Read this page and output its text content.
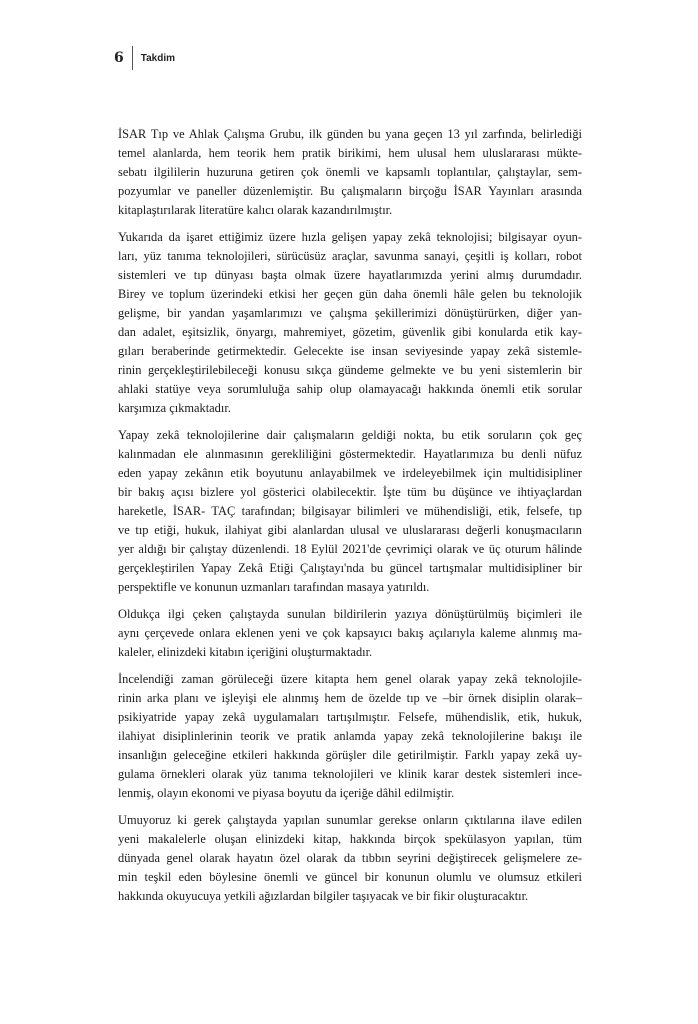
6	Takdim

İSAR Tıp ve Ahlak Çalışma Grubu, ilk günden bu yana geçen 13 yıl zarfında, belirlediği
temel alanlarda, hem teorik hem pratik birikimi, hem ulusal hem uluslararası mükte-
sebatı ilgililerin huzuruna getiren çok önemli ve kapsamlı toplantılar, çalıştaylar, sem-
pozyumlar ve paneller düzenlemiştir. Bu çalışmaların birçoğu İSAR Yayınları arasında
kitaplaştırılarak literatüre kalıcı olarak kazandırılmıştır.

Yukarıda da işaret ettiğimiz üzere hızla gelişen yapay zekâ teknolojisi; bilgisayar oyun-
ları, yüz tanıma teknolojileri, sürücüsüz araçlar, savunma sanayi, çeşitli iş kolları, robot
sistemleri ve tıp dünyası başta olmak üzere hayatlarımızda yerini almış durumdadır.
Birey ve toplum üzerindeki etkisi her geçen gün daha önemli hâle gelen bu teknolojik
gelişme, bir yandan yaşamlarımızı ve çalışma şekillerimizi dönüştürürken, diğer yan-
dan adalet, eşitsizlik, önyargı, mahremiyet, gözetim, güvenlik gibi konularda etik kay-
gıları beraberinde getirmektedir. Gelecekte ise insan seviyesinde yapay zekâ sistemle-
rinin gerçekleştirilebileceği konusu sıkça gündeme gelmekte ve bu yeni sistemlerin bir
ahlaki statüye veya sorumluluğa sahip olup olamayacağı hakkında önemli etik sorular
karşımıza çıkmaktadır.

Yapay zekâ teknolojilerine dair çalışmaların geldiği nokta, bu etik soruların çok geç
kalınmadan ele alınmasının gerekliliğini göstermektedir. Hayatlarımıza bu denli nüfuz
eden yapay zekânın etik boyutunu anlayabilmek ve irdeleyebilmek için multidisipliner
bir bakış açısı bizlere yol gösterici olabilecektir. İşte tüm bu düşünce ve ihtiyaçlardan
hareketle, İSAR- TAÇ tarafından; bilgisayar bilimleri ve mühendisliği, etik, felsefe, tıp
ve tıp etiği, hukuk, ilahiyat gibi alanlardan ulusal ve uluslararası değerli konuşmacıların
yer aldığı bir çalıştay düzenlendi. 18 Eylül 2021'de çevrimiçi olarak ve üç oturum hâlinde
gerçekleştirilen Yapay Zekâ Etiği Çalıştayı'nda bu güncel tartışmalar multidisipliner bir
perspektifle ve konunun uzmanları tarafından masaya yatırıldı.

Oldukça ilgi çeken çalıştayda sunulan bildirilerin yazıya dönüştürülmüş biçimleri ile
aynı çerçevede onlara eklenen yeni ve çok kapsayıcı bakış açılarıyla kaleme alınmış ma-
kaleler, elinizdeki kitabın içeriğini oluşturmaktadır.

İncelendiği zaman görüleceği üzere kitapta hem genel olarak yapay zekâ teknolojile-
rinin arka planı ve işleyişi ele alınmış hem de özelde tıp ve –bir örnek disiplin olarak–
psikiyatride yapay zekâ uygulamaları tartışılmıştır. Felsefe, mühendislik, etik, hukuk,
ilahiyat disiplinlerinin teorik ve pratik anlamda yapay zekâ teknolojilerine bakışı ile
insanlığın geleceğine etkileri hakkında görüşler dile getirilmiştir. Farklı yapay zekâ uy-
gulama örnekleri olarak yüz tanıma teknolojileri ve klinik karar destek sistemleri ince-
lenmiş, olayın ekonomi ve piyasa boyutu da içeriğe dâhil edilmiştir.

Umuyoruz ki gerek çalıştayda yapılan sunumlar gerekse onların çıktılarına ilave edilen
yeni makalelerle oluşan elinizdeki kitap, hakkında birçok spekülasyon yapılan, tüm
dünyada genel olarak hayatın özel olarak da tıbbın seyrini değiştirecek gelişmelere ze-
min teşkil eden böylesine önemli ve güncel bir konunun olumlu ve olumsuz etkileri
hakkında okuyucuya yetkili ağızlardan bilgiler taşıyacak ve bir fikir oluşturacaktır.
